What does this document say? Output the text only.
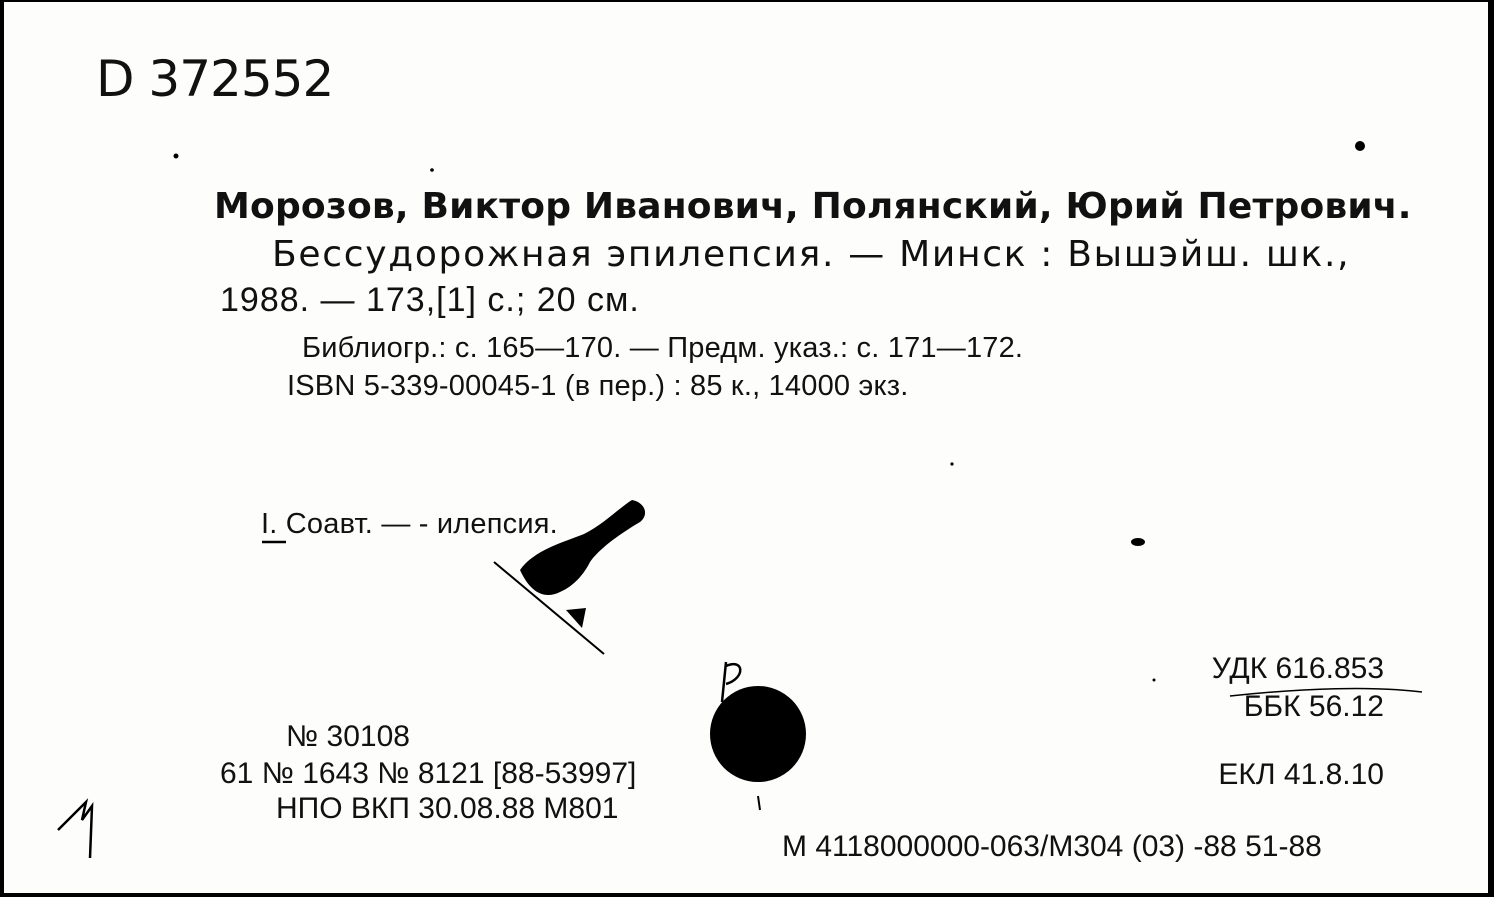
D 372552

Морозов, Виктор Иванович, Полянский, Юрий Петрович.

Бессудорожная эпилепсия. — Минск : Вышэйш. шк.,

1988. — 173,[1] с.; 20 см.

Библиогр.: с. 165—170. — Предм. указ.: с. 171—172.

ISBN 5-339-00045-1 (в пер.) : 85 к., 14000 экз.

I. Соавт. — - илепсия.

№ 30108

61 № 1643 № 8121 [88-53997]

НПО ВКП 30.08.88 М801

УДК 616.853

ББК 56.12

ЕКЛ 41.8.10

М 4118000000-063/М304 (03) -88 51-88
